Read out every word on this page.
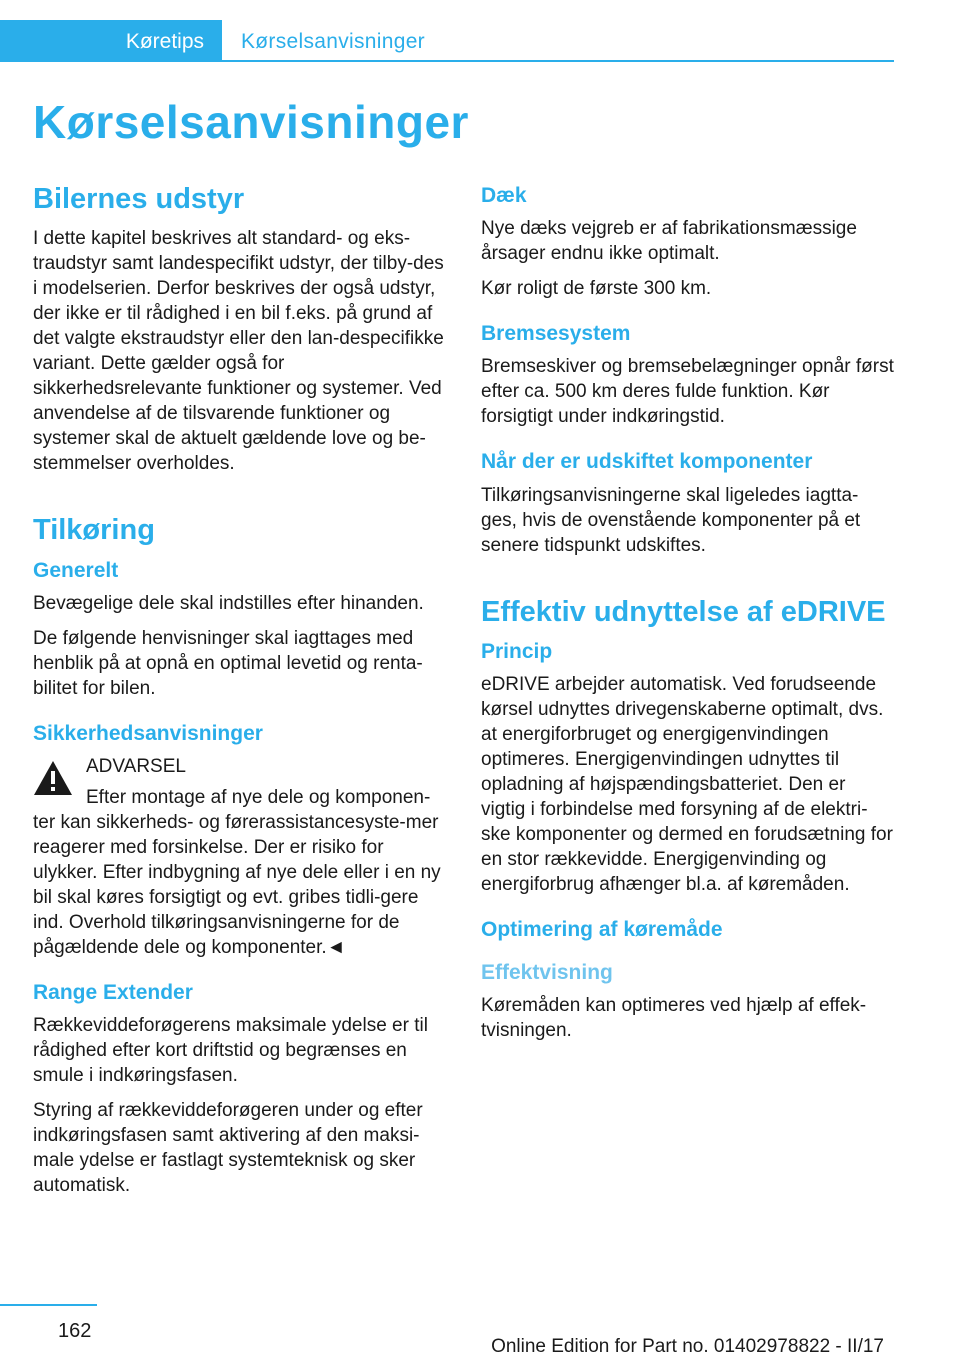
Køretips	Kørselsanvisninger
Kørselsanvisninger
Bilernes udstyr

I dette kapitel beskrives alt standard- og eks-traudstyr samt landespecifikt udstyr, der tilby-des i modelserien. Derfor beskrives der også udstyr, der ikke er til rådighed i en bil f.eks. på grund af det valgte ekstraudstyr eller den lan-despecifikke variant. Dette gælder også for sikkerhedsrelevante funktioner og systemer. Ved anvendelse af de tilsvarende funktioner og systemer skal de aktuelt gældende love og be-stemmelser overholdes.

Tilkøring
Generelt

Bevægelige dele skal indstilles efter hinanden.

De følgende henvisninger skal iagttages med henblik på at opnå en optimal levetid og renta-bilitet for bilen.

Sikkerhedsanvisninger
ADVARSEL

Efter montage af nye dele og komponen-ter kan sikkerheds- og førerassistancesyste-mer reagerer med forsinkelse. Der er risiko for ulykker. Efter indbygning af nye dele eller i en ny bil skal køres forsigtigt og evt. gribes tidli-gere ind. Overhold tilkøringsanvisningerne for de pågældende dele og komponenter.◄

Range Extender

Rækkeviddeforøgerens maksimale ydelse er til rådighed efter kort driftstid og begrænses en smule i indkøringsfasen.

Styring af rækkeviddeforøgeren under og efter indkøringsfasen samt aktivering af den maksi-male ydelse er fastlagt systemteknisk og sker automatisk.

Dæk

Nye dæks vejgreb er af fabrikationsmæssige årsager endnu ikke optimalt.

Kør roligt de første 300 km.

Bremsesystem

Bremseskiver og bremsebelægninger opnår først efter ca. 500 km deres fulde funktion. Kør forsigtigt under indkøringstid.

Når der er udskiftet komponenter

Tilkøringsanvisningerne skal ligeledes iagtta-ges, hvis de ovenstående komponenter på et senere tidspunkt udskiftes.

Effektiv udnyttelse af eDRIVE
Princip

eDRIVE arbejder automatisk. Ved forudseende kørsel udnyttes drivegenskaberne optimalt, dvs. at energiforbruget og energigenvindingen optimeres. Energigenvindingen udnyttes til opladning af højspændingsbatteriet. Den er vigtig i forbindelse med forsyning af de elektri-ske komponenter og dermed en forudsætning for en stor rækkevidde. Energigenvinding og energiforbrug afhænger bl.a. af køremåden.

Optimering af køremåde
Effektvisning

Køremåden kan optimeres ved hjælp af effek-tvisningen.

162
Online Edition for Part no. 01402978822 - II/17
